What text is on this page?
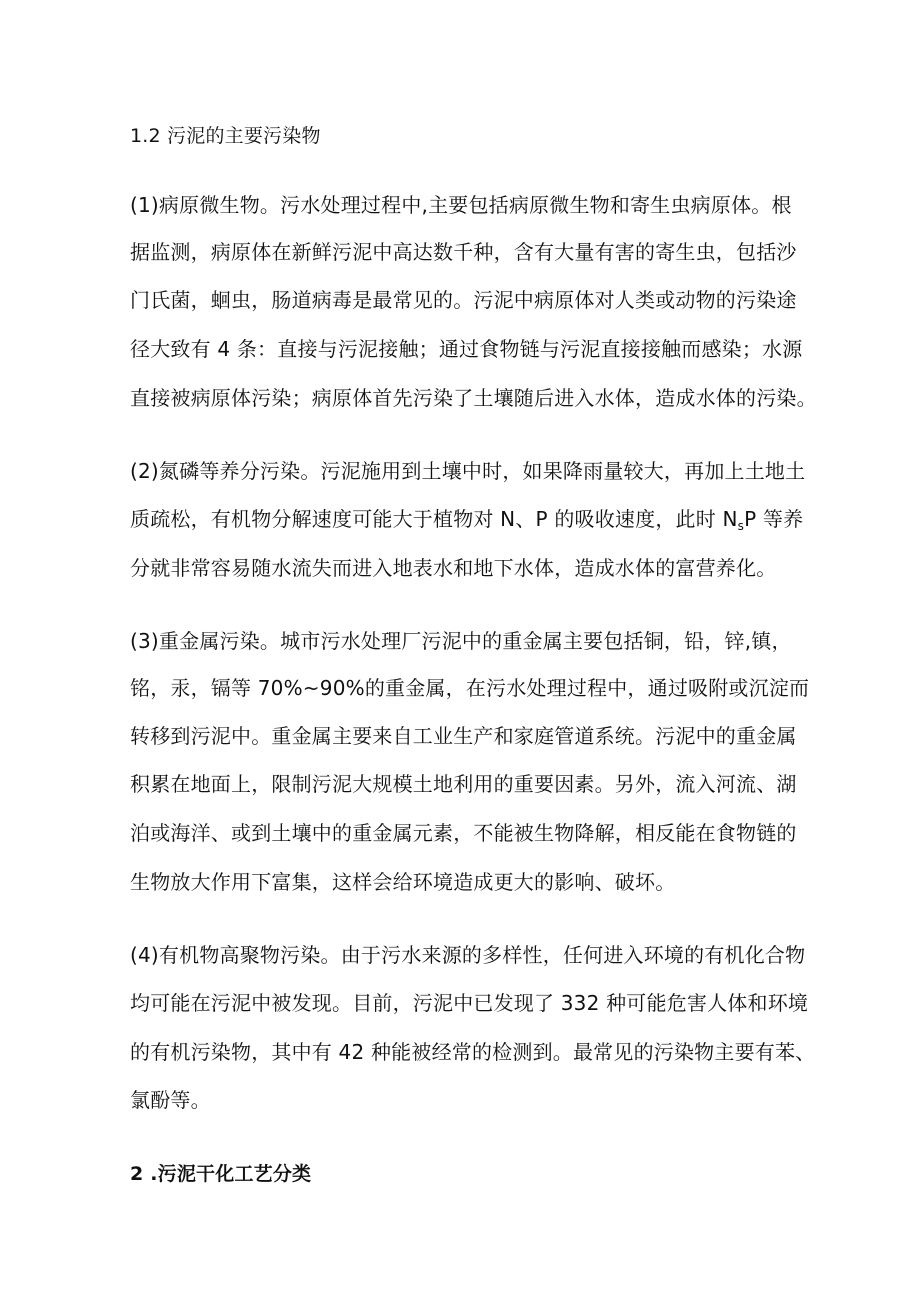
1.2 污泥的主要污染物
(1)病原微生物。污水处理过程中,主要包括病原微生物和寄生虫病原体。根
据监测，病原体在新鲜污泥中高达数千种，含有大量有害的寄生虫，包括沙
门氏菌，蛔虫，肠道病毒是最常见的。污泥中病原体对人类或动物的污染途
径大致有 4 条：直接与污泥接触；通过食物链与污泥直接接触而感染；水源
直接被病原体污染；病原体首先污染了土壤随后进入水体，造成水体的污染。
(2)氮磷等养分污染。污泥施用到土壤中时，如果降雨量较大，再加上土地土
质疏松，有机物分解速度可能大于植物对 N、P 的吸收速度，此时 $N_sP$ 等养
分就非常容易随水流失而进入地表水和地下水体，造成水体的富营养化。
(3)重金属污染。城市污水处理厂污泥中的重金属主要包括铜，铅，锌,镇，
铭，汞，镉等 70%~90%的重金属，在污水处理过程中，通过吸附或沉淀而
转移到污泥中。重金属主要来自工业生产和家庭管道系统。污泥中的重金属
积累在地面上，限制污泥大规模土地利用的重要因素。另外，流入河流、湖
泊或海洋、或到土壤中的重金属元素，不能被生物降解，相反能在食物链的
生物放大作用下富集，这样会给环境造成更大的影响、破坏。
(4)有机物高聚物污染。由于污水来源的多样性，任何进入环境的有机化合物
均可能在污泥中被发现。目前，污泥中已发现了 332 种可能危害人体和环境
的有机污染物，其中有 42 种能被经常的检测到。最常见的污染物主要有苯、
氯酚等。
2 .污泥干化工艺分类
